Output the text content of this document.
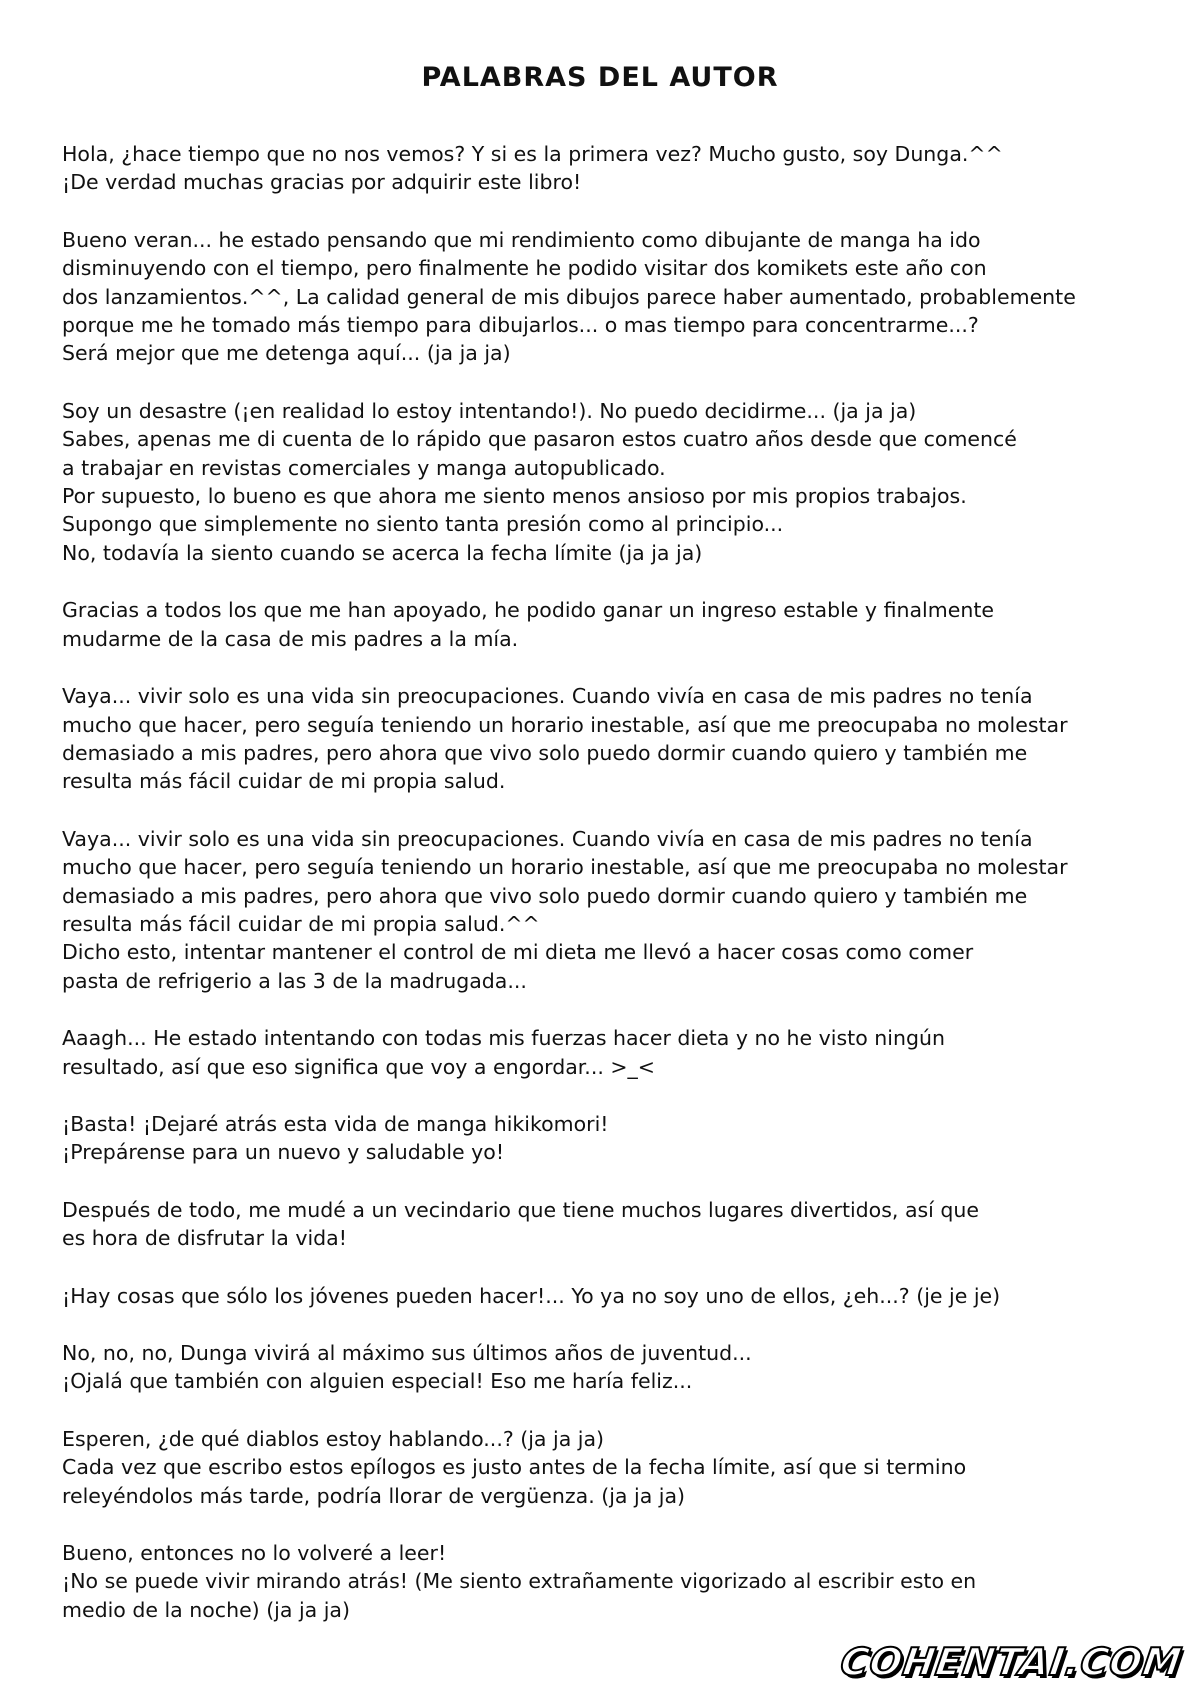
PALABRAS DEL AUTOR

Hola, ¿hace tiempo que no nos vemos? Y si es la primera vez? Mucho gusto, soy Dunga.^^
¡De verdad muchas gracias por adquirir este libro!

Bueno veran... he estado pensando que mi rendimiento como dibujante de manga ha ido
disminuyendo con el tiempo, pero finalmente he podido visitar dos komikets este año con
dos lanzamientos.^^, La calidad general de mis dibujos parece haber aumentado, probablemente
porque me he tomado más tiempo para dibujarlos... o mas tiempo para concentrarme...?
Será mejor que me detenga aquí... (ja ja ja)

Soy un desastre (¡en realidad lo estoy intentando!). No puedo decidirme... (ja ja ja)
Sabes, apenas me di cuenta de lo rápido que pasaron estos cuatro años desde que comencé
a trabajar en revistas comerciales y manga autopublicado.
Por supuesto, lo bueno es que ahora me siento menos ansioso por mis propios trabajos.
Supongo que simplemente no siento tanta presión como al principio...
No, todavía la siento cuando se acerca la fecha límite (ja ja ja)

Gracias a todos los que me han apoyado, he podido ganar un ingreso estable y finalmente
mudarme de la casa de mis padres a la mía.

Vaya... vivir solo es una vida sin preocupaciones. Cuando vivía en casa de mis padres no tenía
mucho que hacer, pero seguía teniendo un horario inestable, así que me preocupaba no molestar
demasiado a mis padres, pero ahora que vivo solo puedo dormir cuando quiero y también me
resulta más fácil cuidar de mi propia salud.

Vaya... vivir solo es una vida sin preocupaciones. Cuando vivía en casa de mis padres no tenía
mucho que hacer, pero seguía teniendo un horario inestable, así que me preocupaba no molestar
demasiado a mis padres, pero ahora que vivo solo puedo dormir cuando quiero y también me
resulta más fácil cuidar de mi propia salud.^^
Dicho esto, intentar mantener el control de mi dieta me llevó a hacer cosas como comer
pasta de refrigerio a las 3 de la madrugada...

Aaagh... He estado intentando con todas mis fuerzas hacer dieta y no he visto ningún
resultado, así que eso significa que voy a engordar... >_<

¡Basta! ¡Dejaré atrás esta vida de manga hikikomori!
¡Prepárense para un nuevo y saludable yo!

Después de todo, me mudé a un vecindario que tiene muchos lugares divertidos, así que
es hora de disfrutar la vida!

¡Hay cosas que sólo los jóvenes pueden hacer!... Yo ya no soy uno de ellos, ¿eh...? (je je je)

No, no, no, Dunga vivirá al máximo sus últimos años de juventud...
¡Ojalá que también con alguien especial! Eso me haría feliz...

Esperen, ¿de qué diablos estoy hablando...? (ja ja ja)
Cada vez que escribo estos epílogos es justo antes de la fecha límite, así que si termino
releyéndolos más tarde, podría llorar de vergüenza. (ja ja ja)

Bueno, entonces no lo volveré a leer!
¡No se puede vivir mirando atrás! (Me siento extrañamente vigorizado al escribir esto en
medio de la noche) (ja ja ja)

COHENTAI.COM
